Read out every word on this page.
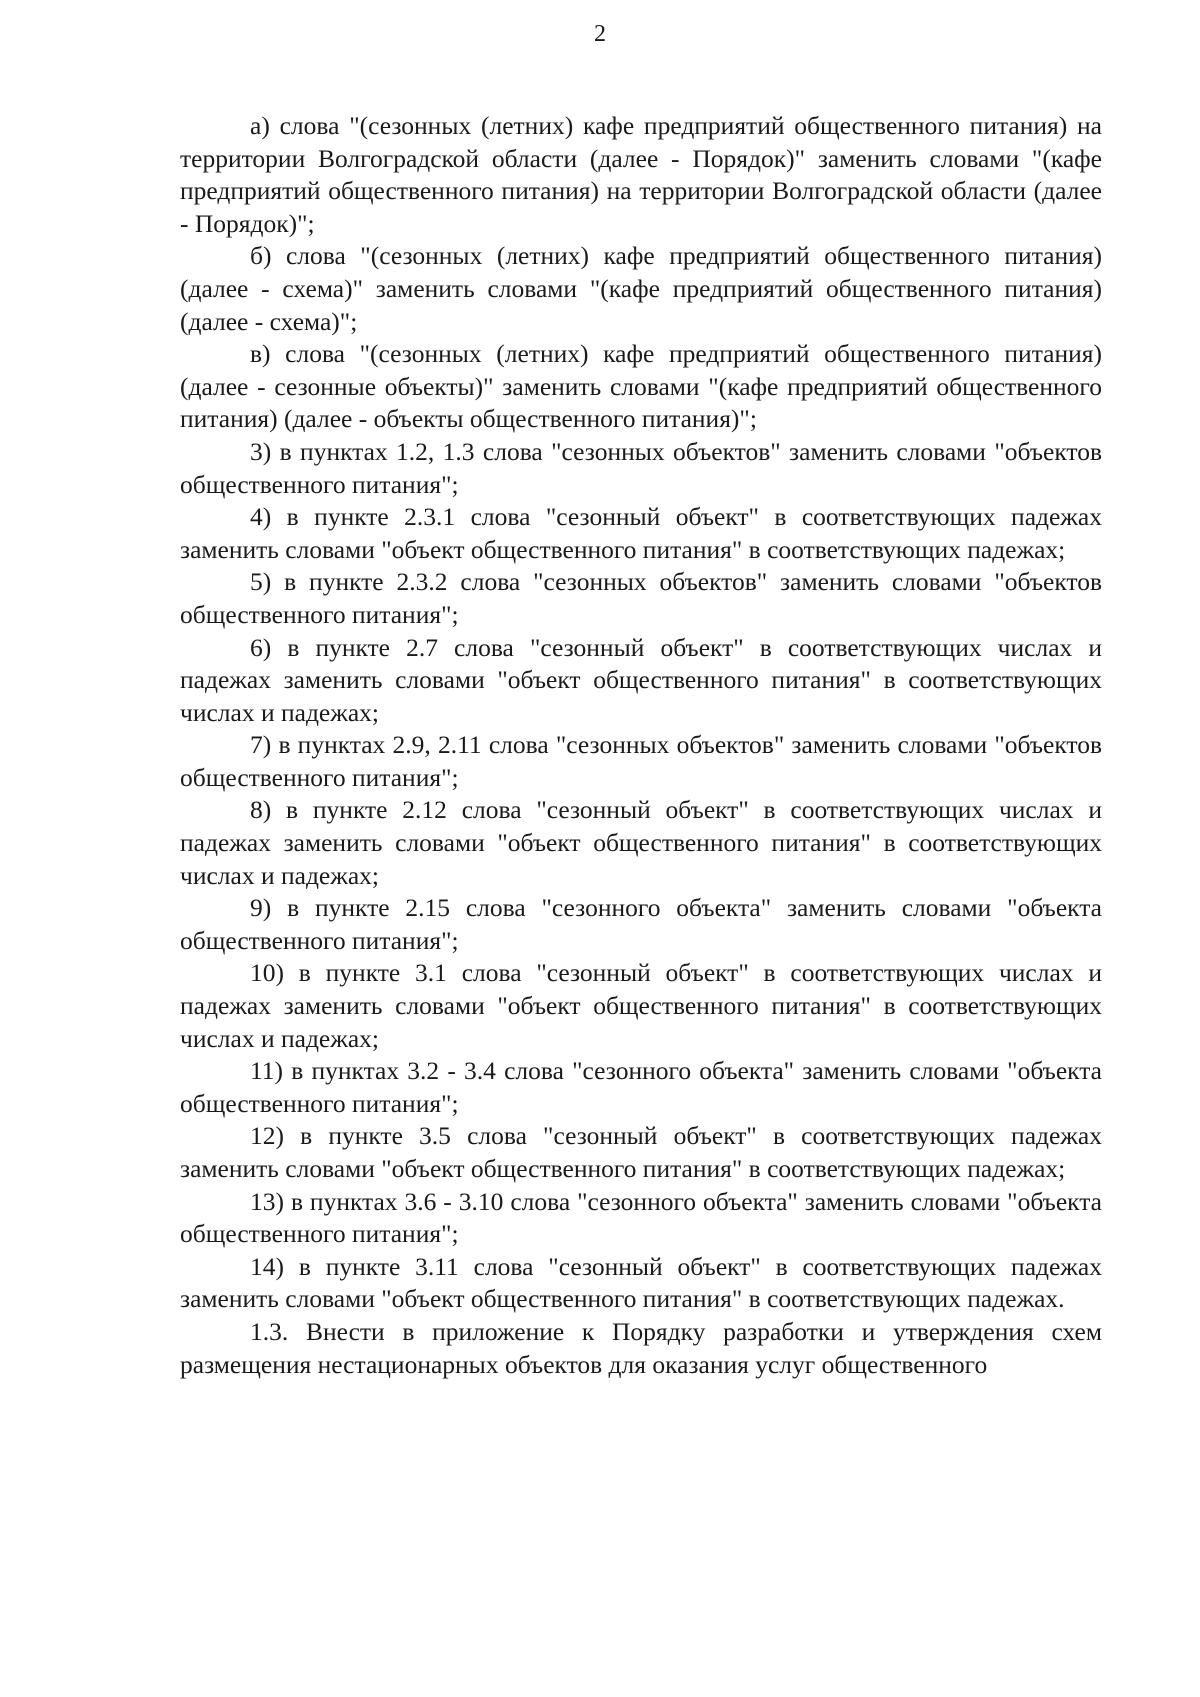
2

а) слова "(сезонных (летних) кафе предприятий общественного питания) на территории Волгоградской области (далее - Порядок)" заменить словами "(кафе предприятий общественного питания) на территории Волгоградской области (далее - Порядок)";

б) слова "(сезонных (летних) кафе предприятий общественного питания) (далее - схема)" заменить словами "(кафе предприятий общественного питания) (далее - схема)";

в) слова "(сезонных (летних) кафе предприятий общественного питания) (далее - сезонные объекты)" заменить словами "(кафе предприятий общественного питания) (далее - объекты общественного питания)";

3) в пунктах 1.2, 1.3 слова "сезонных объектов" заменить словами "объектов общественного питания";

4) в пункте 2.3.1 слова "сезонный объект" в соответствующих падежах заменить словами "объект общественного питания" в соответствующих падежах;

5) в пункте 2.3.2 слова "сезонных объектов" заменить словами "объектов общественного питания";

6) в пункте 2.7 слова "сезонный объект" в соответствующих числах и падежах заменить словами "объект общественного питания" в соответствующих числах и падежах;

7) в пунктах 2.9, 2.11 слова "сезонных объектов" заменить словами "объектов общественного питания";

8) в пункте 2.12 слова "сезонный объект" в соответствующих числах и падежах заменить словами "объект общественного питания" в соответствующих числах и падежах;

9) в пункте 2.15 слова "сезонного объекта" заменить словами "объекта общественного питания";

10) в пункте 3.1 слова "сезонный объект" в соответствующих числах и падежах заменить словами "объект общественного питания" в соответствующих числах и падежах;

11) в пунктах 3.2 - 3.4 слова "сезонного объекта" заменить словами "объекта общественного питания";

12) в пункте 3.5 слова "сезонный объект" в соответствующих падежах заменить словами "объект общественного питания" в соответствующих падежах;

13) в пунктах 3.6 - 3.10 слова "сезонного объекта" заменить словами "объекта общественного питания";

14) в пункте 3.11 слова "сезонный объект" в соответствующих падежах заменить словами "объект общественного питания" в соответствующих падежах.

1.3. Внести в приложение к Порядку разработки и утверждения схем размещения нестационарных объектов для оказания услуг общественного
